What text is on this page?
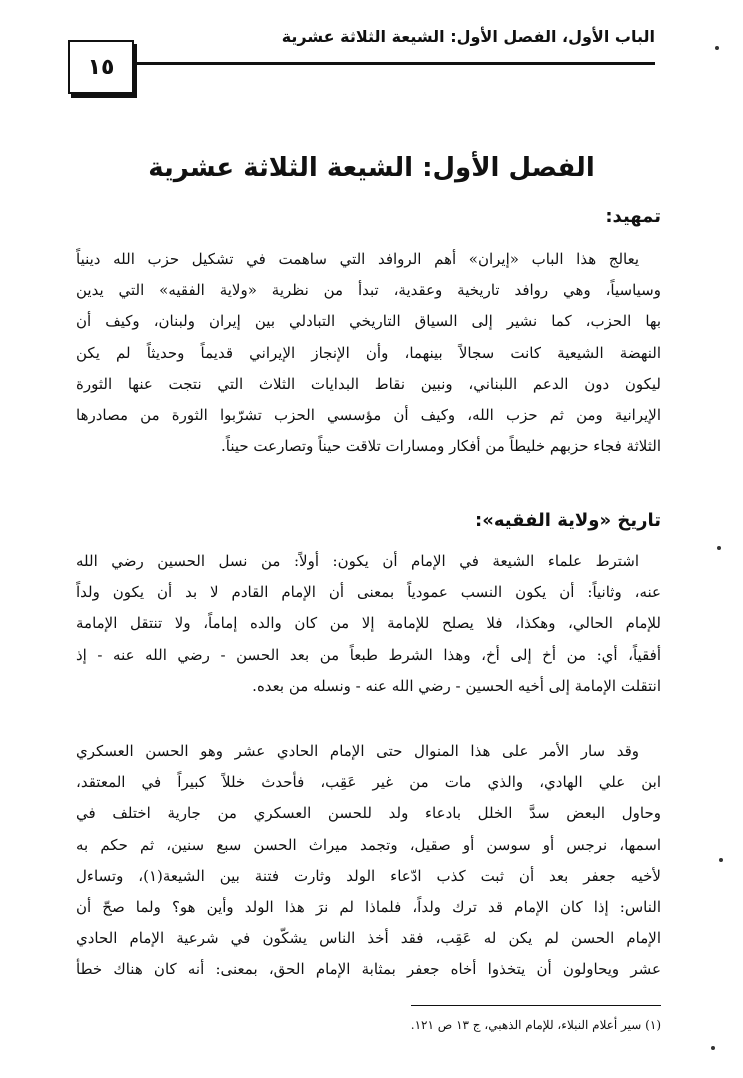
الباب الأول، الفصل الأول: الشيعة الثلاثة عشرية
١٥
الفصل الأول: الشيعة الثلاثة عشرية
تمهيد:
يعالج هذا الباب «إيران» أهم الروافد التي ساهمت في تشكيل حزب الله دينياً
وسياسياً، وهي روافد تاريخية وعقدية، تبدأ من نظرية «ولاية الفقيه» التي يدين
بها الحزب، كما نشير إلى السياق التاريخي التبادلي بين إيران ولبنان، وكيف أن
النهضة الشيعية كانت سجالاً بينهما، وأن الإنجاز الإيراني قديماً وحديثاً لم يكن
ليكون دون الدعم اللبناني، ونبين نقاط البدايات الثلاث التي نتجت عنها الثورة
الإيرانية ومن ثم حزب الله، وكيف أن مؤسسي الحزب تشرّبوا الثورة من مصادرها
الثلاثة فجاء حزبهم خليطاً من أفكار ومسارات تلاقت حيناً وتصارعت حيناً.
تاريخ «ولاية الفقيه»:
اشترط علماء الشيعة في الإمام أن يكون: أولاً: من نسل الحسين رضي الله
عنه، وثانياً: أن يكون النسب عمودياً بمعنى أن الإمام القادم لا بد أن يكون ولداً
للإمام الحالي، وهكذا، فلا يصلح للإمامة إلا من كان والده إماماً، ولا تنتقل الإمامة
أفقياً، أي: من أخ إلى أخ، وهذا الشرط طبعاً من بعد الحسن - رضي الله عنه - إذ
انتقلت الإمامة إلى أخيه الحسين - رضي الله عنه - ونسله من بعده.
وقد سار الأمر على هذا المنوال حتى الإمام الحادي عشر وهو الحسن العسكري
ابن علي الهادي، والذي مات من غير عَقِب، فأحدث خللاً كبيراً في المعتقد،
وحاول البعض سدَّ الخلل بادعاء ولد للحسن العسكري من جارية اختلف في
اسمها، نرجس أو سوسن أو صقيل، وتجمد ميراث الحسن سبع سنين، ثم حكم به
لأخيه جعفر بعد أن ثبت كذب ادّعاء الولد وثارت فتنة بين الشيعة(١)، وتساءل
الناس: إذا كان الإمام قد ترك ولداً، فلماذا لم نرَ هذا الولد وأين هو؟ ولما صحّ أن
الإمام الحسن لم يكن له عَقِب، فقد أخذ الناس يشكّون في شرعية الإمام الحادي
عشر ويحاولون أن يتخذوا أخاه جعفر بمثابة الإمام الحق، بمعنى: أنه كان هناك خطأ
(١) سير أعلام النبلاء، للإمام الذهبي، ج ١٣ ص ١٢١.
